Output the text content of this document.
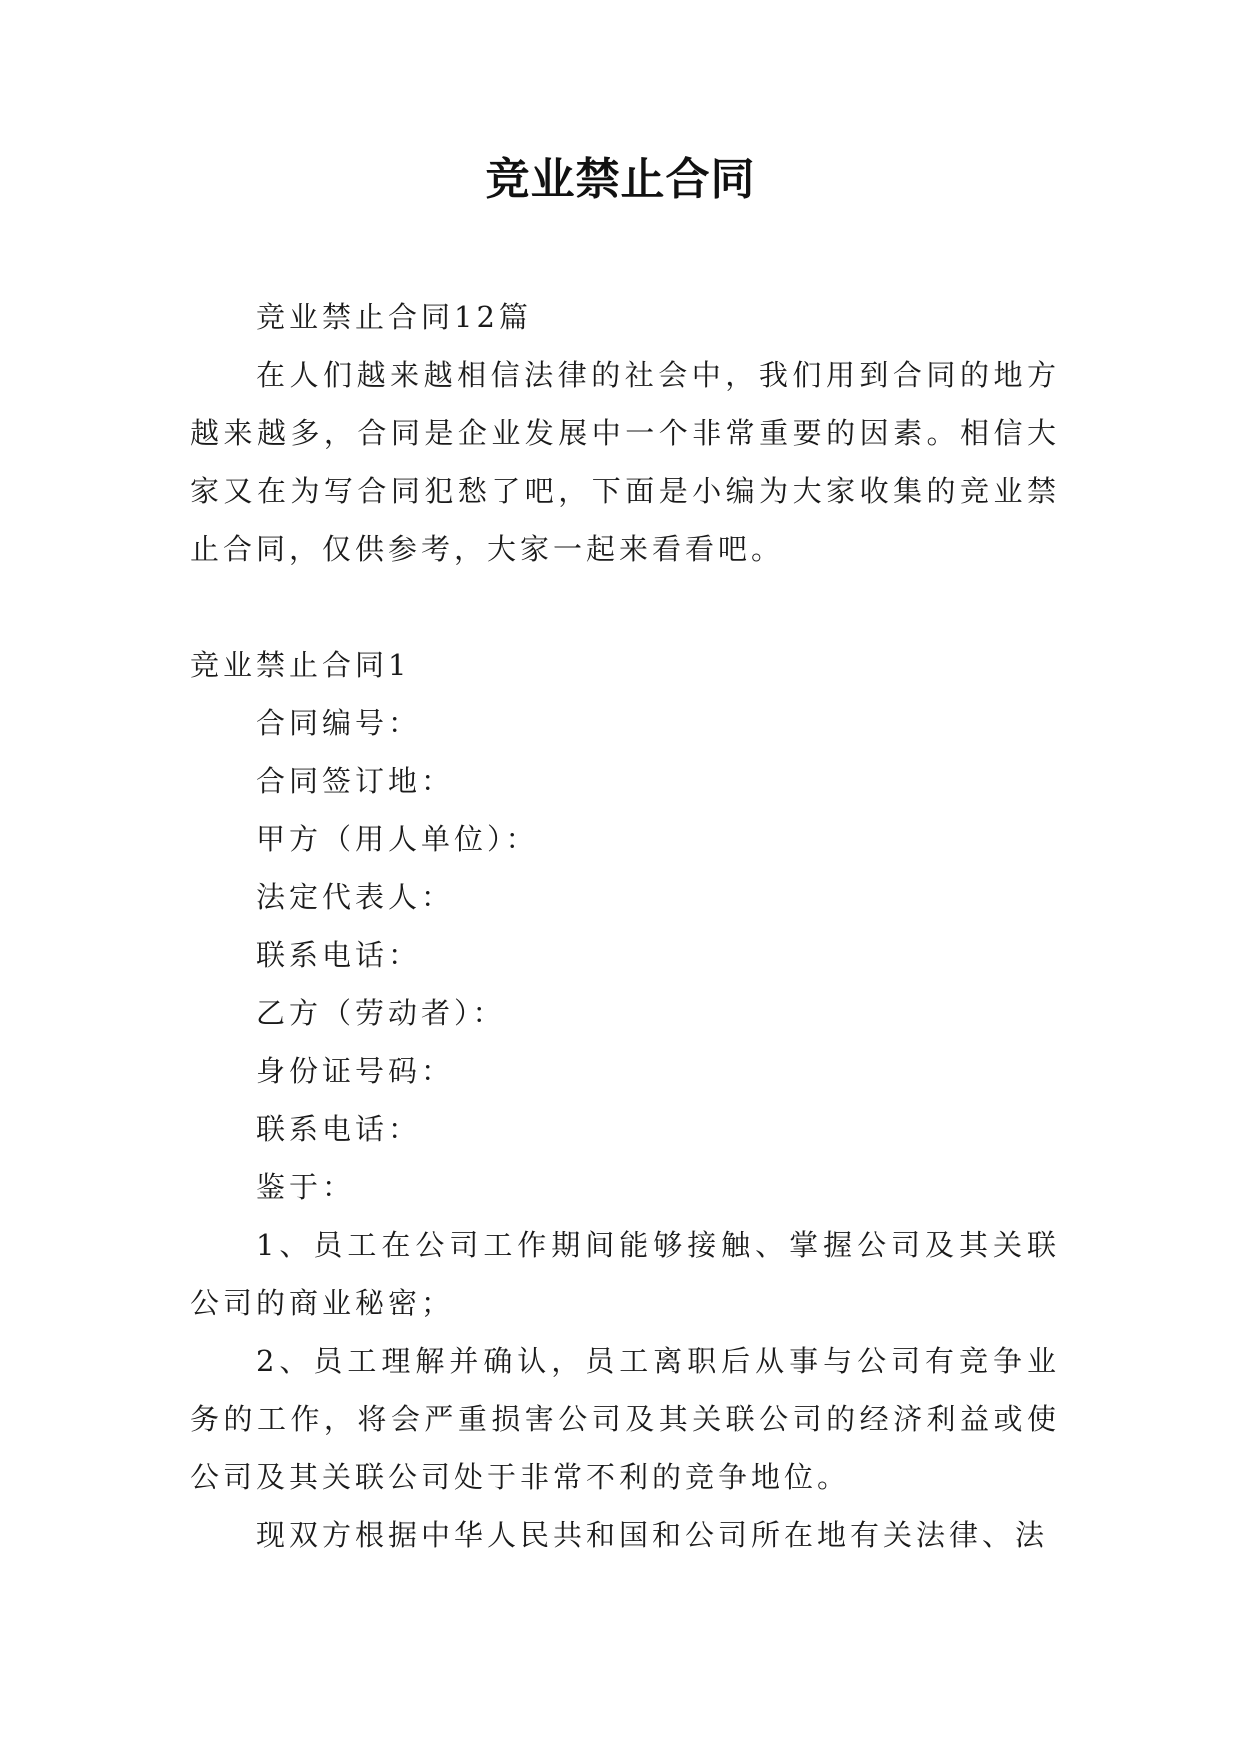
竞业禁止合同

竞业禁止合同12篇

在人们越来越相信法律的社会中，我们用到合同的地方越来越多，合同是企业发展中一个非常重要的因素。相信大家又在为写合同犯愁了吧，下面是小编为大家收集的竞业禁止合同，仅供参考，大家一起来看看吧。

竞业禁止合同1

合同编号：

合同签订地：

甲方（用人单位）：

法定代表人：

联系电话：

乙方（劳动者）：

身份证号码：

联系电话：

鉴于：

1、员工在公司工作期间能够接触、掌握公司及其关联公司的商业秘密；

2、员工理解并确认，员工离职后从事与公司有竞争业务的工作，将会严重损害公司及其关联公司的经济利益或使公司及其关联公司处于非常不利的竞争地位。

现双方根据中华人民共和国和公司所在地有关法律、法
